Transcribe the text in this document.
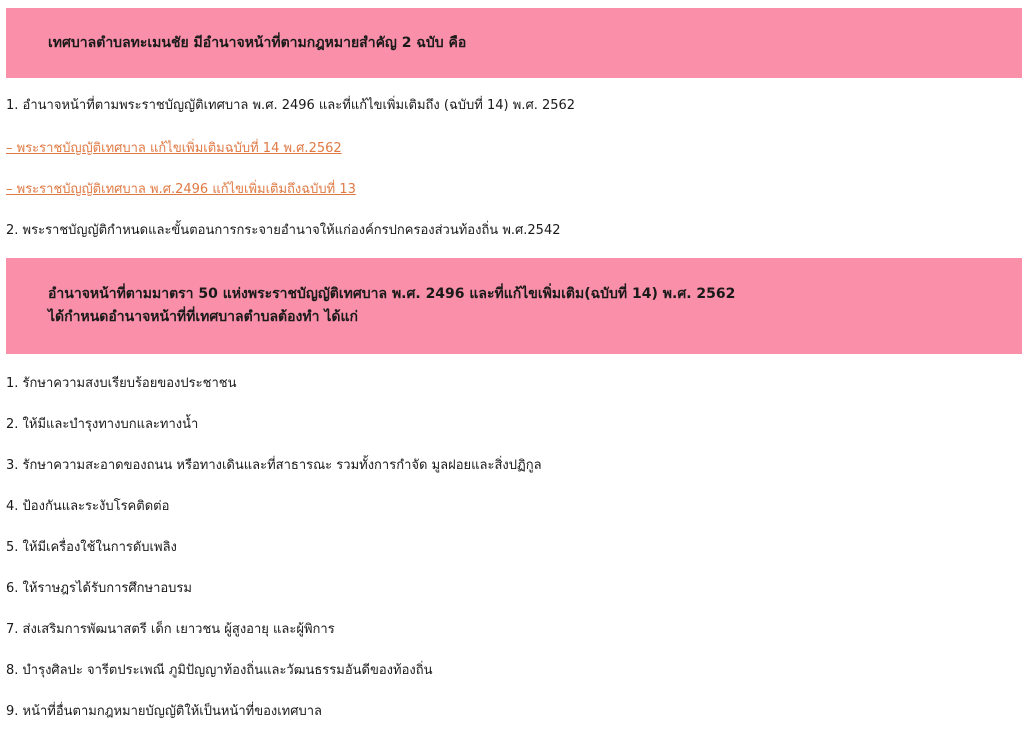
เทศบาลตำบลทะเมนชัย มีอำนาจหน้าที่ตามกฎหมายสำคัญ 2 ฉบับ คือ
1. อำนาจหน้าที่ตามพระราชบัญญัติเทศบาล พ.ศ. 2496 และที่แก้ไขเพิ่มเติมถึง (ฉบับที่ 14) พ.ศ. 2562
– พระราชบัญญัติเทศบาล แก้ไขเพิ่มเติมฉบับที่ 14 พ.ศ.2562
– พระราชบัญญัติเทศบาล พ.ศ.2496 แก้ไขเพิ่มเติมถึงฉบับที่ 13
2. พระราชบัญญัติกำหนดและขั้นตอนการกระจายอำนาจให้แก่องค์กรปกครองส่วนท้องถิ่น พ.ศ.2542
อำนาจหน้าที่ตามมาตรา 50 แห่งพระราชบัญญัติเทศบาล พ.ศ. 2496 และที่แก้ไขเพิ่มเติม(ฉบับที่ 14) พ.ศ. 2562
ได้กำหนดอำนาจหน้าที่ที่เทศบาลตำบลต้องทำ ได้แก่
1. รักษาความสงบเรียบร้อยของประชาชน
2. ให้มีและบำรุงทางบกและทางน้ำ
3. รักษาความสะอาดของถนน หรือทางเดินและที่สาธารณะ รวมทั้งการกำจัด มูลฝอยและสิ่งปฏิกูล
4. ป้องกันและระงับโรคติดต่อ
5. ให้มีเครื่องใช้ในการดับเพลิง
6. ให้ราษฎรได้รับการศึกษาอบรม
7. ส่งเสริมการพัฒนาสตรี เด็ก เยาวชน ผู้สูงอายุ และผู้พิการ
8. บำรุงศิลปะ จารีตประเพณี ภูมิปัญญาท้องถิ่นและวัฒนธรรมอันดีของท้องถิ่น
9. หน้าที่อื่นตามกฎหมายบัญญัติให้เป็นหน้าที่ของเทศบาล
